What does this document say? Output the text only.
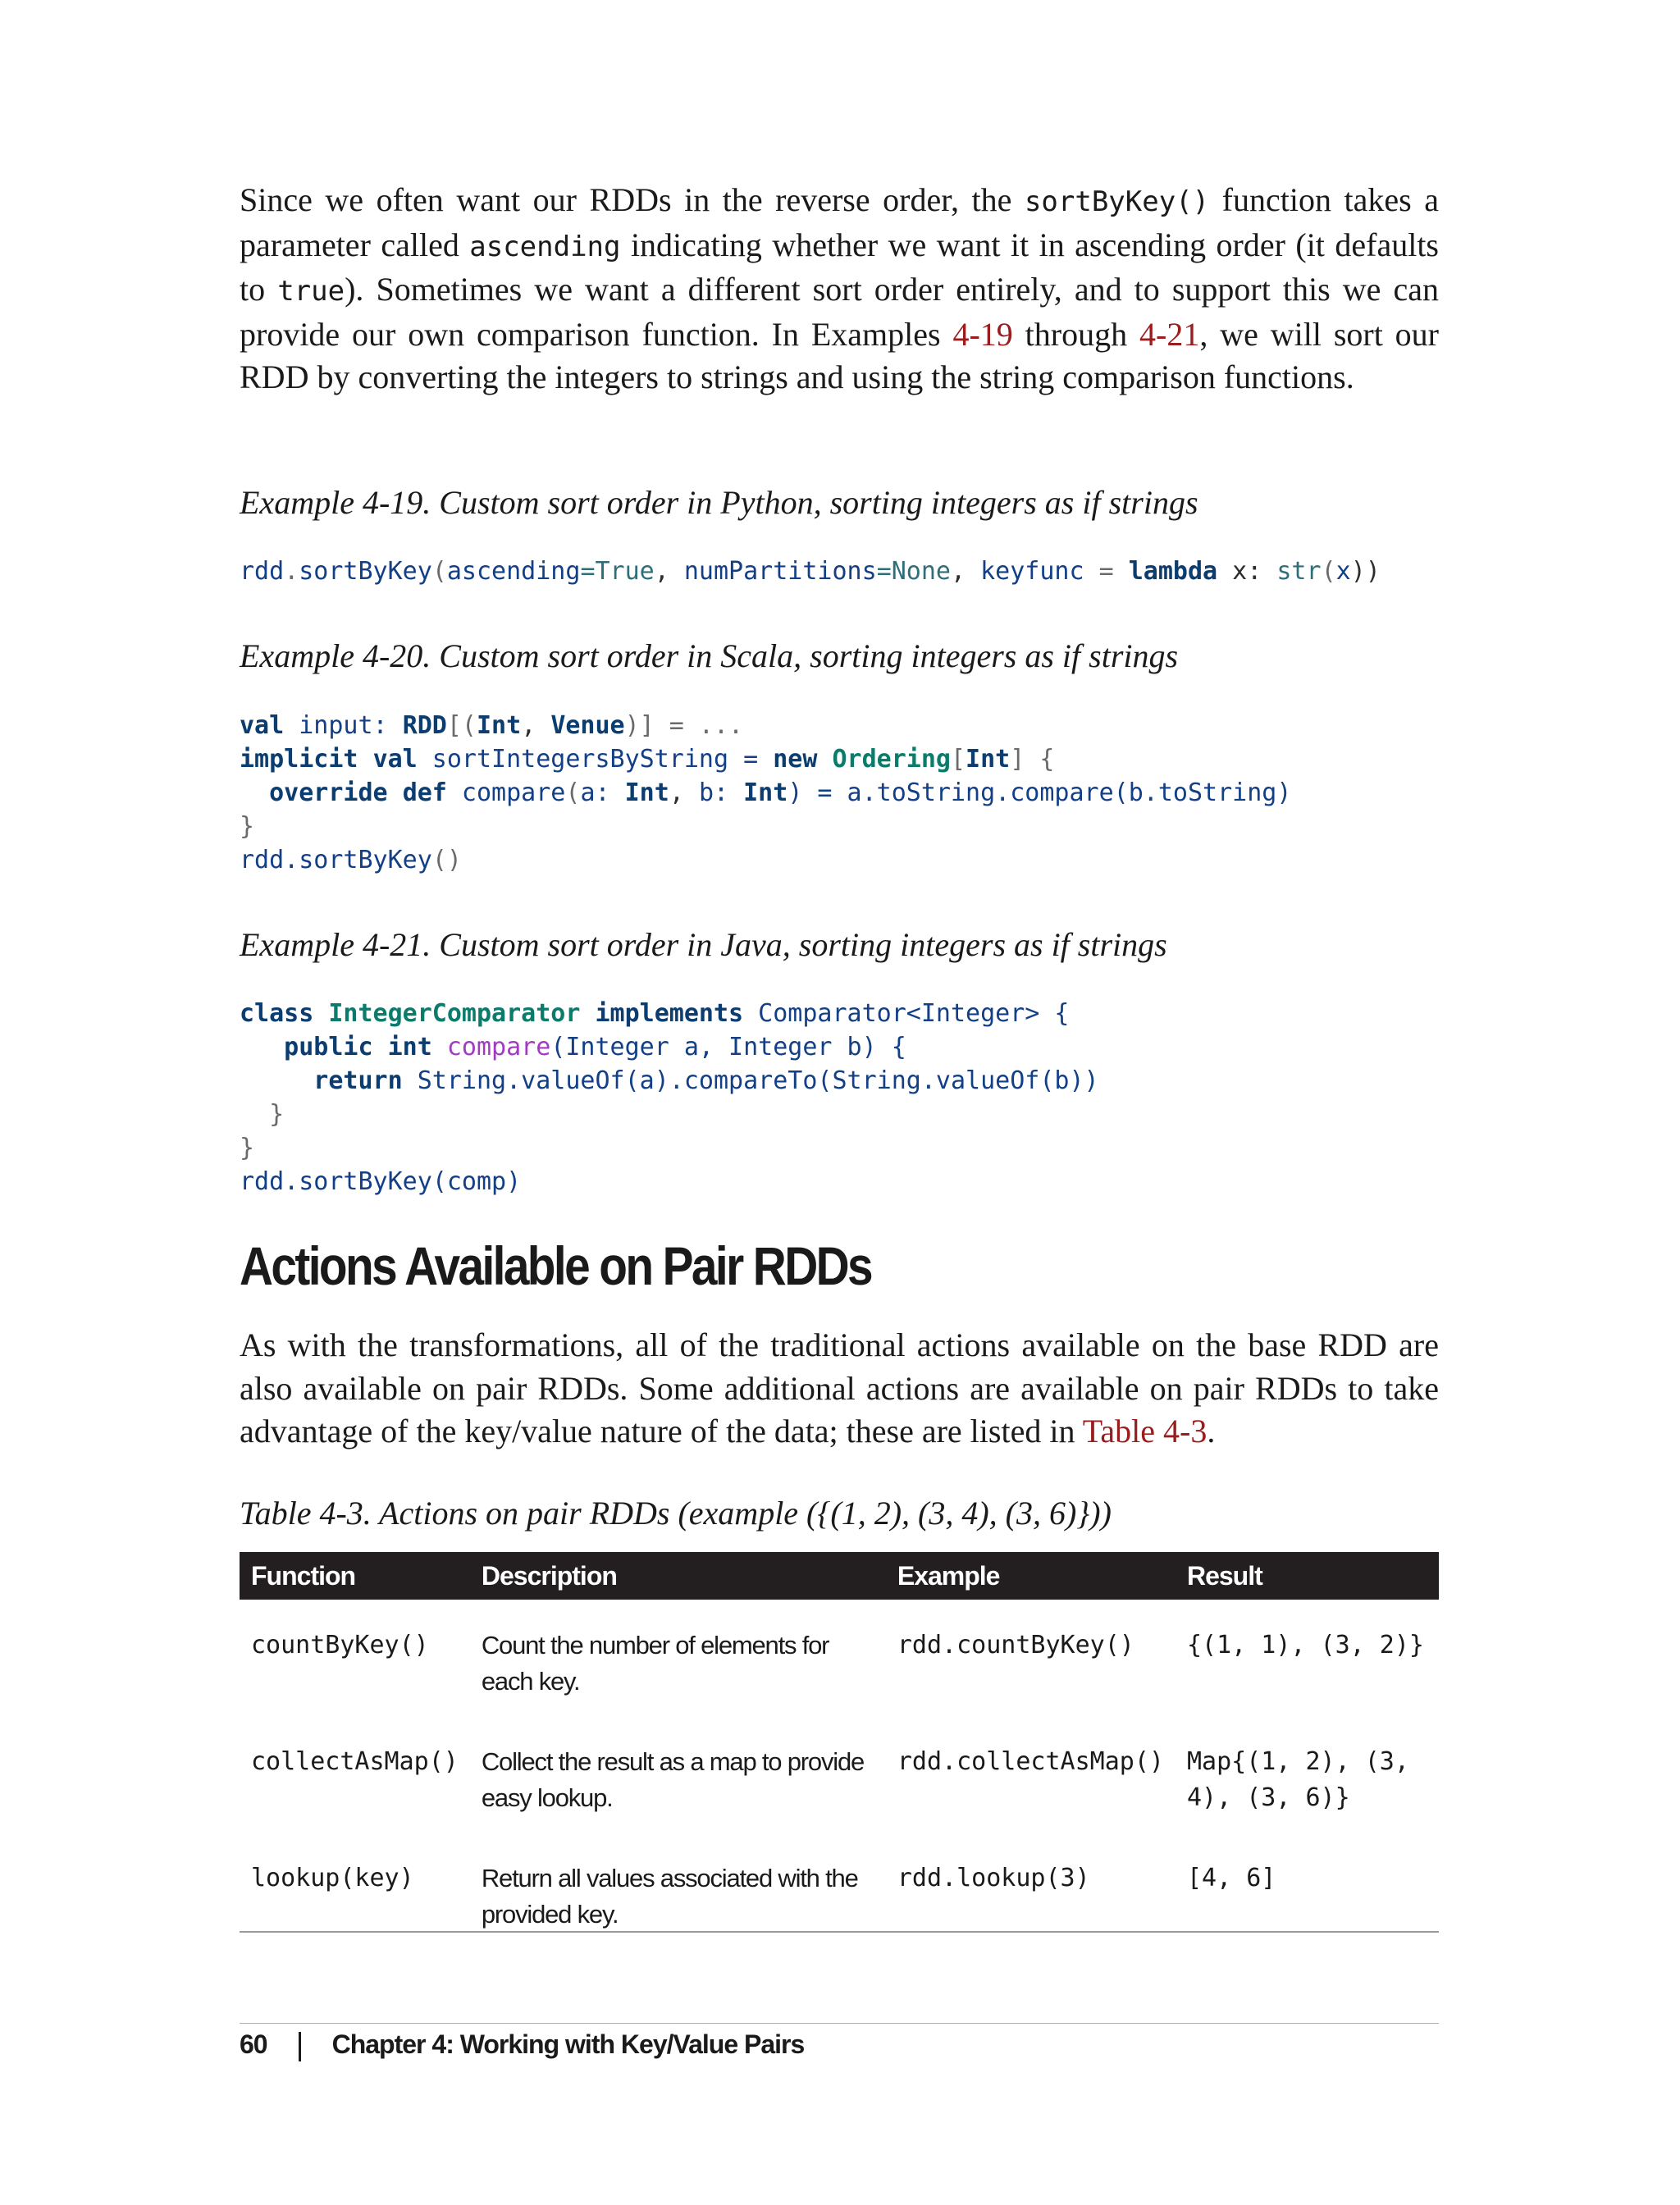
Since we often want our RDDs in the reverse order, the sortByKey() function takes a parameter called ascending indicating whether we want it in ascending order (it defaults to true). Sometimes we want a different sort order entirely, and to support this we can provide our own comparison function. In Examples 4-19 through 4-21, we will sort our RDD by converting the integers to strings and using the string comparison functions.

Example 4-19. Custom sort order in Python, sorting integers as if strings

rdd.sortByKey(ascending=True, numPartitions=None, keyfunc = lambda x: str(x))

Example 4-20. Custom sort order in Scala, sorting integers as if strings

val input: RDD[(Int, Venue)] = ...
implicit val sortIntegersByString = new Ordering[Int] {
override def compare(a: Int, b: Int) = a.toString.compare(b.toString)
}
rdd.sortByKey()

Example 4-21. Custom sort order in Java, sorting integers as if strings

class IntegerComparator implements Comparator<Integer> {
public int compare(Integer a, Integer b) {
return String.valueOf(a).compareTo(String.valueOf(b))
}
}
rdd.sortByKey(comp)
Actions Available on Pair RDDs

As with the transformations, all of the traditional actions available on the base RDD are also available on pair RDDs. Some additional actions are available on pair RDDs to take advantage of the key/value nature of the data; these are listed in Table 4-3.

Table 4-3. Actions on pair RDDs (example ({(1, 2), (3, 4), (3, 6)}))

Function	Description	Example	Result
countByKey()	Count the number of elements for each key.	rdd.countByKey()	{(1, 1), (3, 2)}
collectAsMap()	Collect the result as a map to provide easy lookup.	rdd.collectAsMap()	Map{(1, 2), (3, 4), (3, 6)}
lookup(key)	Return all values associated with the provided key.	rdd.lookup(3)	[4, 6]
60 Chapter 4: Working with Key/Value Pairs
